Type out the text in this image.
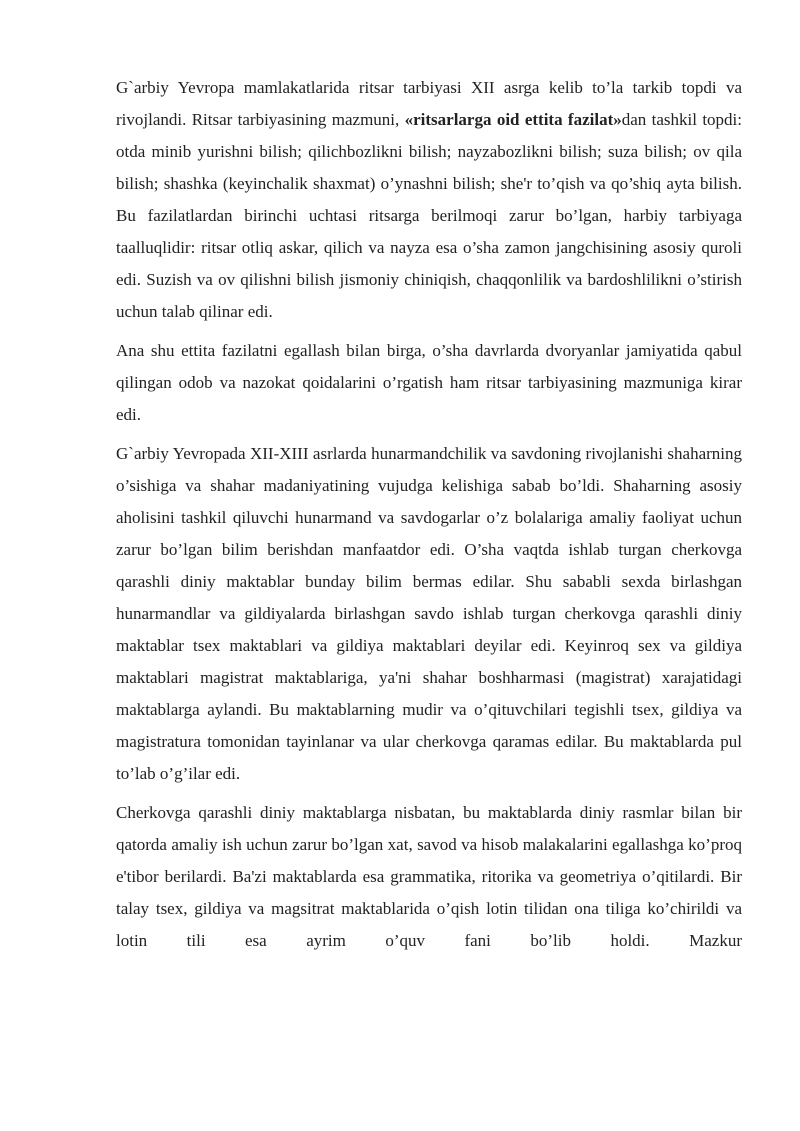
G`arbiy Yevropa mamlakatlarida ritsar tarbiyasi XII asrga kelib to’la tarkib topdi va rivojlandi. Ritsar tarbiyasining mazmuni, «ritsarlarga oid ettita fazilat»dan tashkil topdi: otda minib yurishni bilish; qilichbozlikni bilish; nayzabozlikni bilish; suza bilish; ov qila bilish; shashka (keyinchalik shaxmat) o’ynashni bilish; she'r to’qish va qo’shiq ayta bilish. Bu fazilatlardan birinchi uchtasi ritsarga berilmoqi zarur bo’lgan, harbiy tarbiyaga taalluqlidir: ritsar otliq askar, qilich va nayza esa o’sha zamon jangchisining asosiy quroli edi. Suzish va ov qilishni bilish jismoniy chiniqish, chaqqonlilik va bardoshlilikni o’stirish uchun talab qilinar edi.

Ana shu ettita fazilatni egallash bilan birga, o’sha davrlarda dvoryanlar jamiyatida qabul qilingan odob va nazokat qoidalarini o’rgatish ham ritsar tarbiyasining mazmuniga kirar edi.

G`arbiy Yevropada XII-XIII asrlarda hunarmandchilik va savdoning rivojlanishi shaharning o’sishiga va shahar madaniyatining vujudga kelishiga sabab bo’ldi. Shaharning asosiy aholisini tashkil qiluvchi hunarmand va savdogarlar o’z bolalariga amaliy faoliyat uchun zarur bo’lgan bilim berishdan manfaatdor edi. O’sha vaqtda ishlab turgan cherkovga qarashli diniy maktablar bunday bilim bermas edilar. Shu sababli sexda birlashgan hunarmandlar va gildiyalarda birlashgan savdo ishlab turgan cherkovga qarashli diniy maktablar tsex maktablari va gildiya maktablari deyilar edi. Keyinroq sex va gildiya maktablari magistrat maktablariga, ya'ni shahar boshharmasi (magistrat) xarajatidagi maktablarga aylandi. Bu maktablarning mudir va o’qituvchilari tegishli tsex, gildiya va magistratura tomonidan tayinlanar va ular cherkovga qaramas edilar. Bu maktablarda pul to’lab o’g’ilar edi.

Cherkovga qarashli diniy maktablarga nisbatan, bu maktablarda diniy rasmlar bilan bir qatorda amaliy ish uchun zarur bo’lgan xat, savod va hisob malakalarini egallashga ko’proq e'tibor berilardi. Ba'zi maktablarda esa grammatika, ritorika va geometriya o’qitilardi. Bir talay tsex, gildiya va magsitrat maktablarida o’qish lotin tilidan ona tiliga ko’chirildi va lotin tili esa ayrim o’quv fani bo’lib holdi. Mazkur
